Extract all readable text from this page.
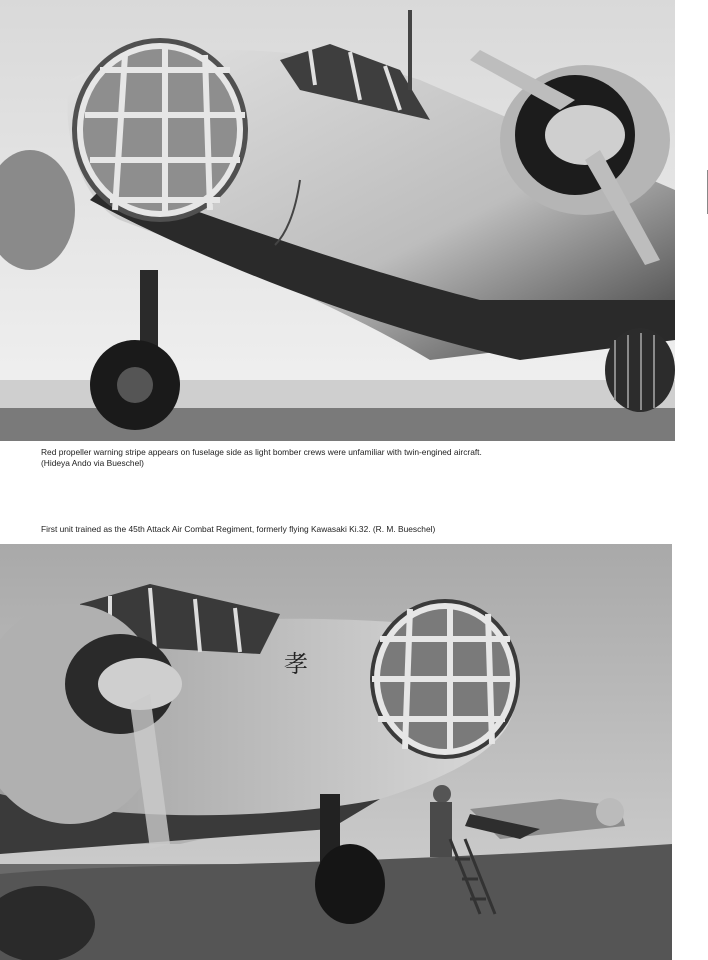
Red propeller warning stripe appears on fuselage side as light bomber crews were unfamiliar with twin-engined aircraft.
(Hideya Ando via Bueschel)

First unit trained as the 45th Attack Air Combat Regiment, formerly flying Kawasaki Ki.32. (R. M. Bueschel)

孝
